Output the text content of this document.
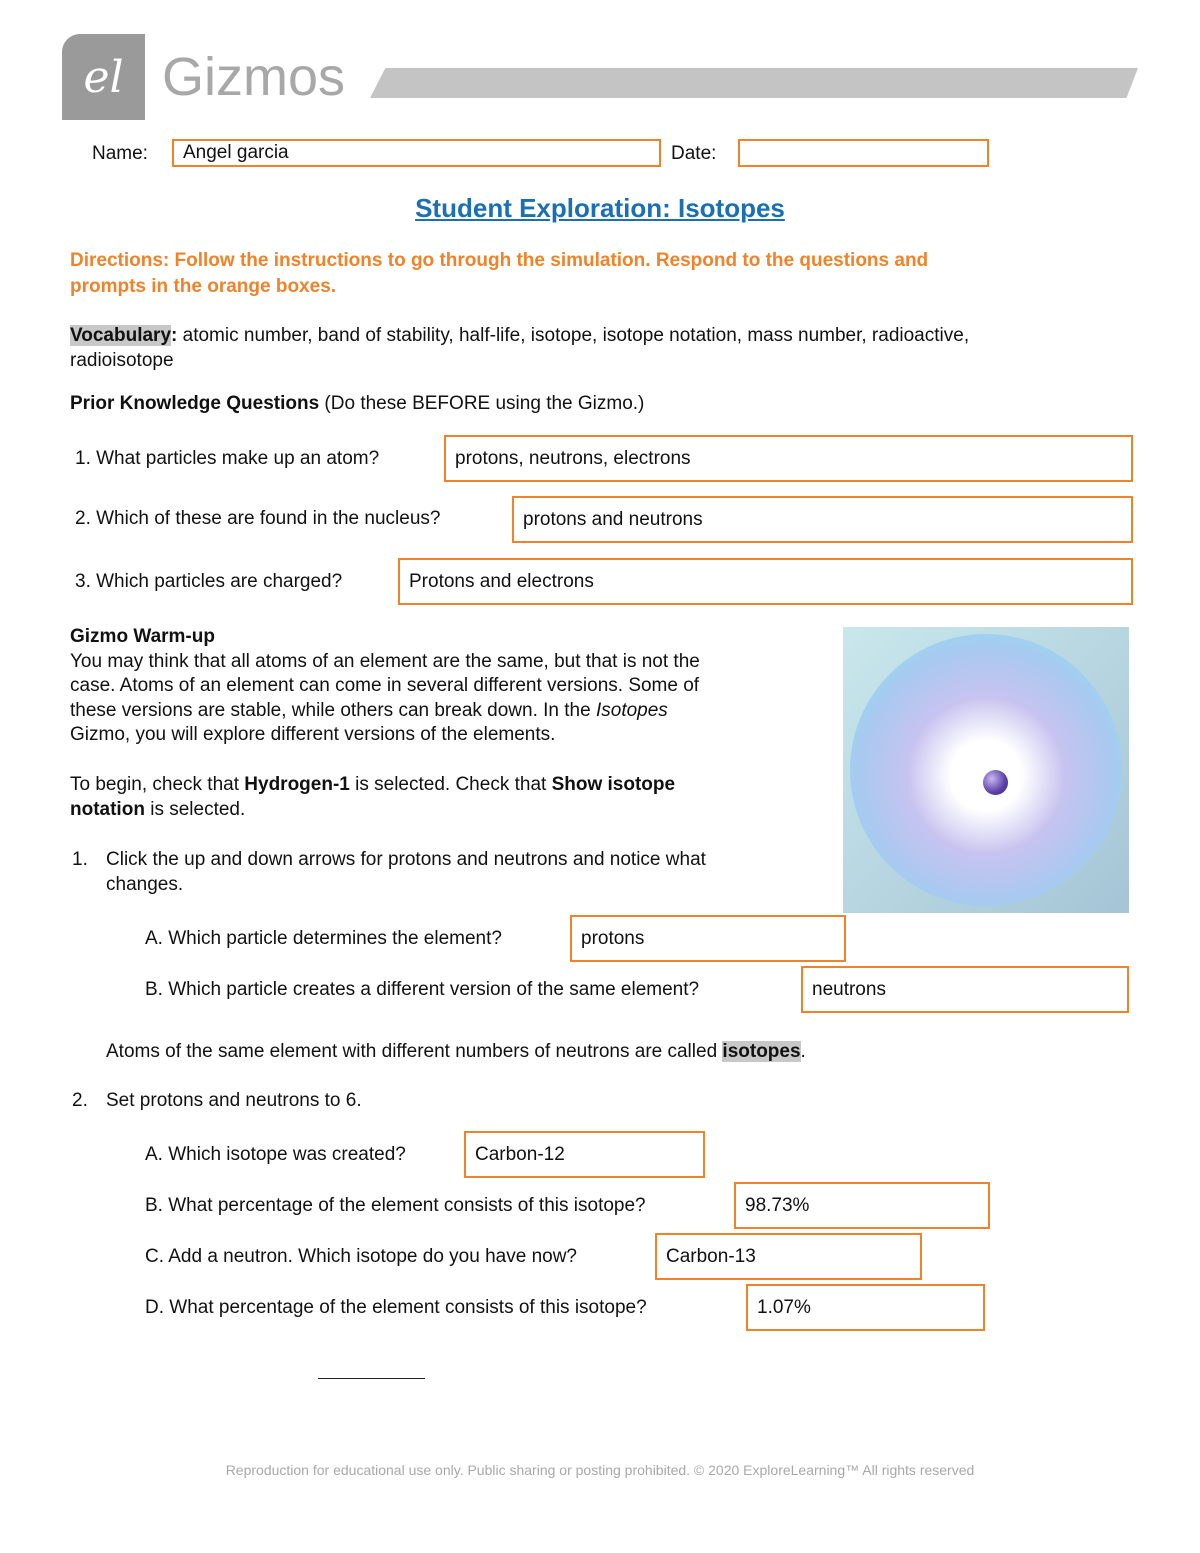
el Gizmos
Name:	Angel garcia	Date:
Student Exploration: Isotopes
Directions: Follow the instructions to go through the simulation. Respond to the questions and
prompts in the orange boxes.
Vocabulary: atomic number, band of stability, half-life, isotope, isotope notation, mass number, radioactive,
radioisotope
Prior Knowledge Questions (Do these BEFORE using the Gizmo.)
1. What particles make up an atom?	protons, neutrons, electrons
2. Which of these are found in the nucleus?	protons and neutrons
3. Which particles are charged?	Protons and electrons
Gizmo Warm-up
You may think that all atoms of an element are the same, but that is not the
case. Atoms of an element can come in several different versions. Some of
these versions are stable, while others can break down. In the Isotopes
Gizmo, you will explore different versions of the elements.
To begin, check that Hydrogen-1 is selected. Check that Show isotope
notation is selected.
1. Click the up and down arrows for protons and neutrons and notice what
changes.
A. Which particle determines the element?	protons
B. Which particle creates a different version of the same element?	neutrons
Atoms of the same element with different numbers of neutrons are called isotopes.
2. Set protons and neutrons to 6.
A. Which isotope was created?	Carbon-12
B. What percentage of the element consists of this isotope?	98.73%
C. Add a neutron. Which isotope do you have now?	Carbon-13
D. What percentage of the element consists of this isotope?	1.07%
Reproduction for educational use only. Public sharing or posting prohibited. © 2020 ExploreLearning™ All rights reserved
